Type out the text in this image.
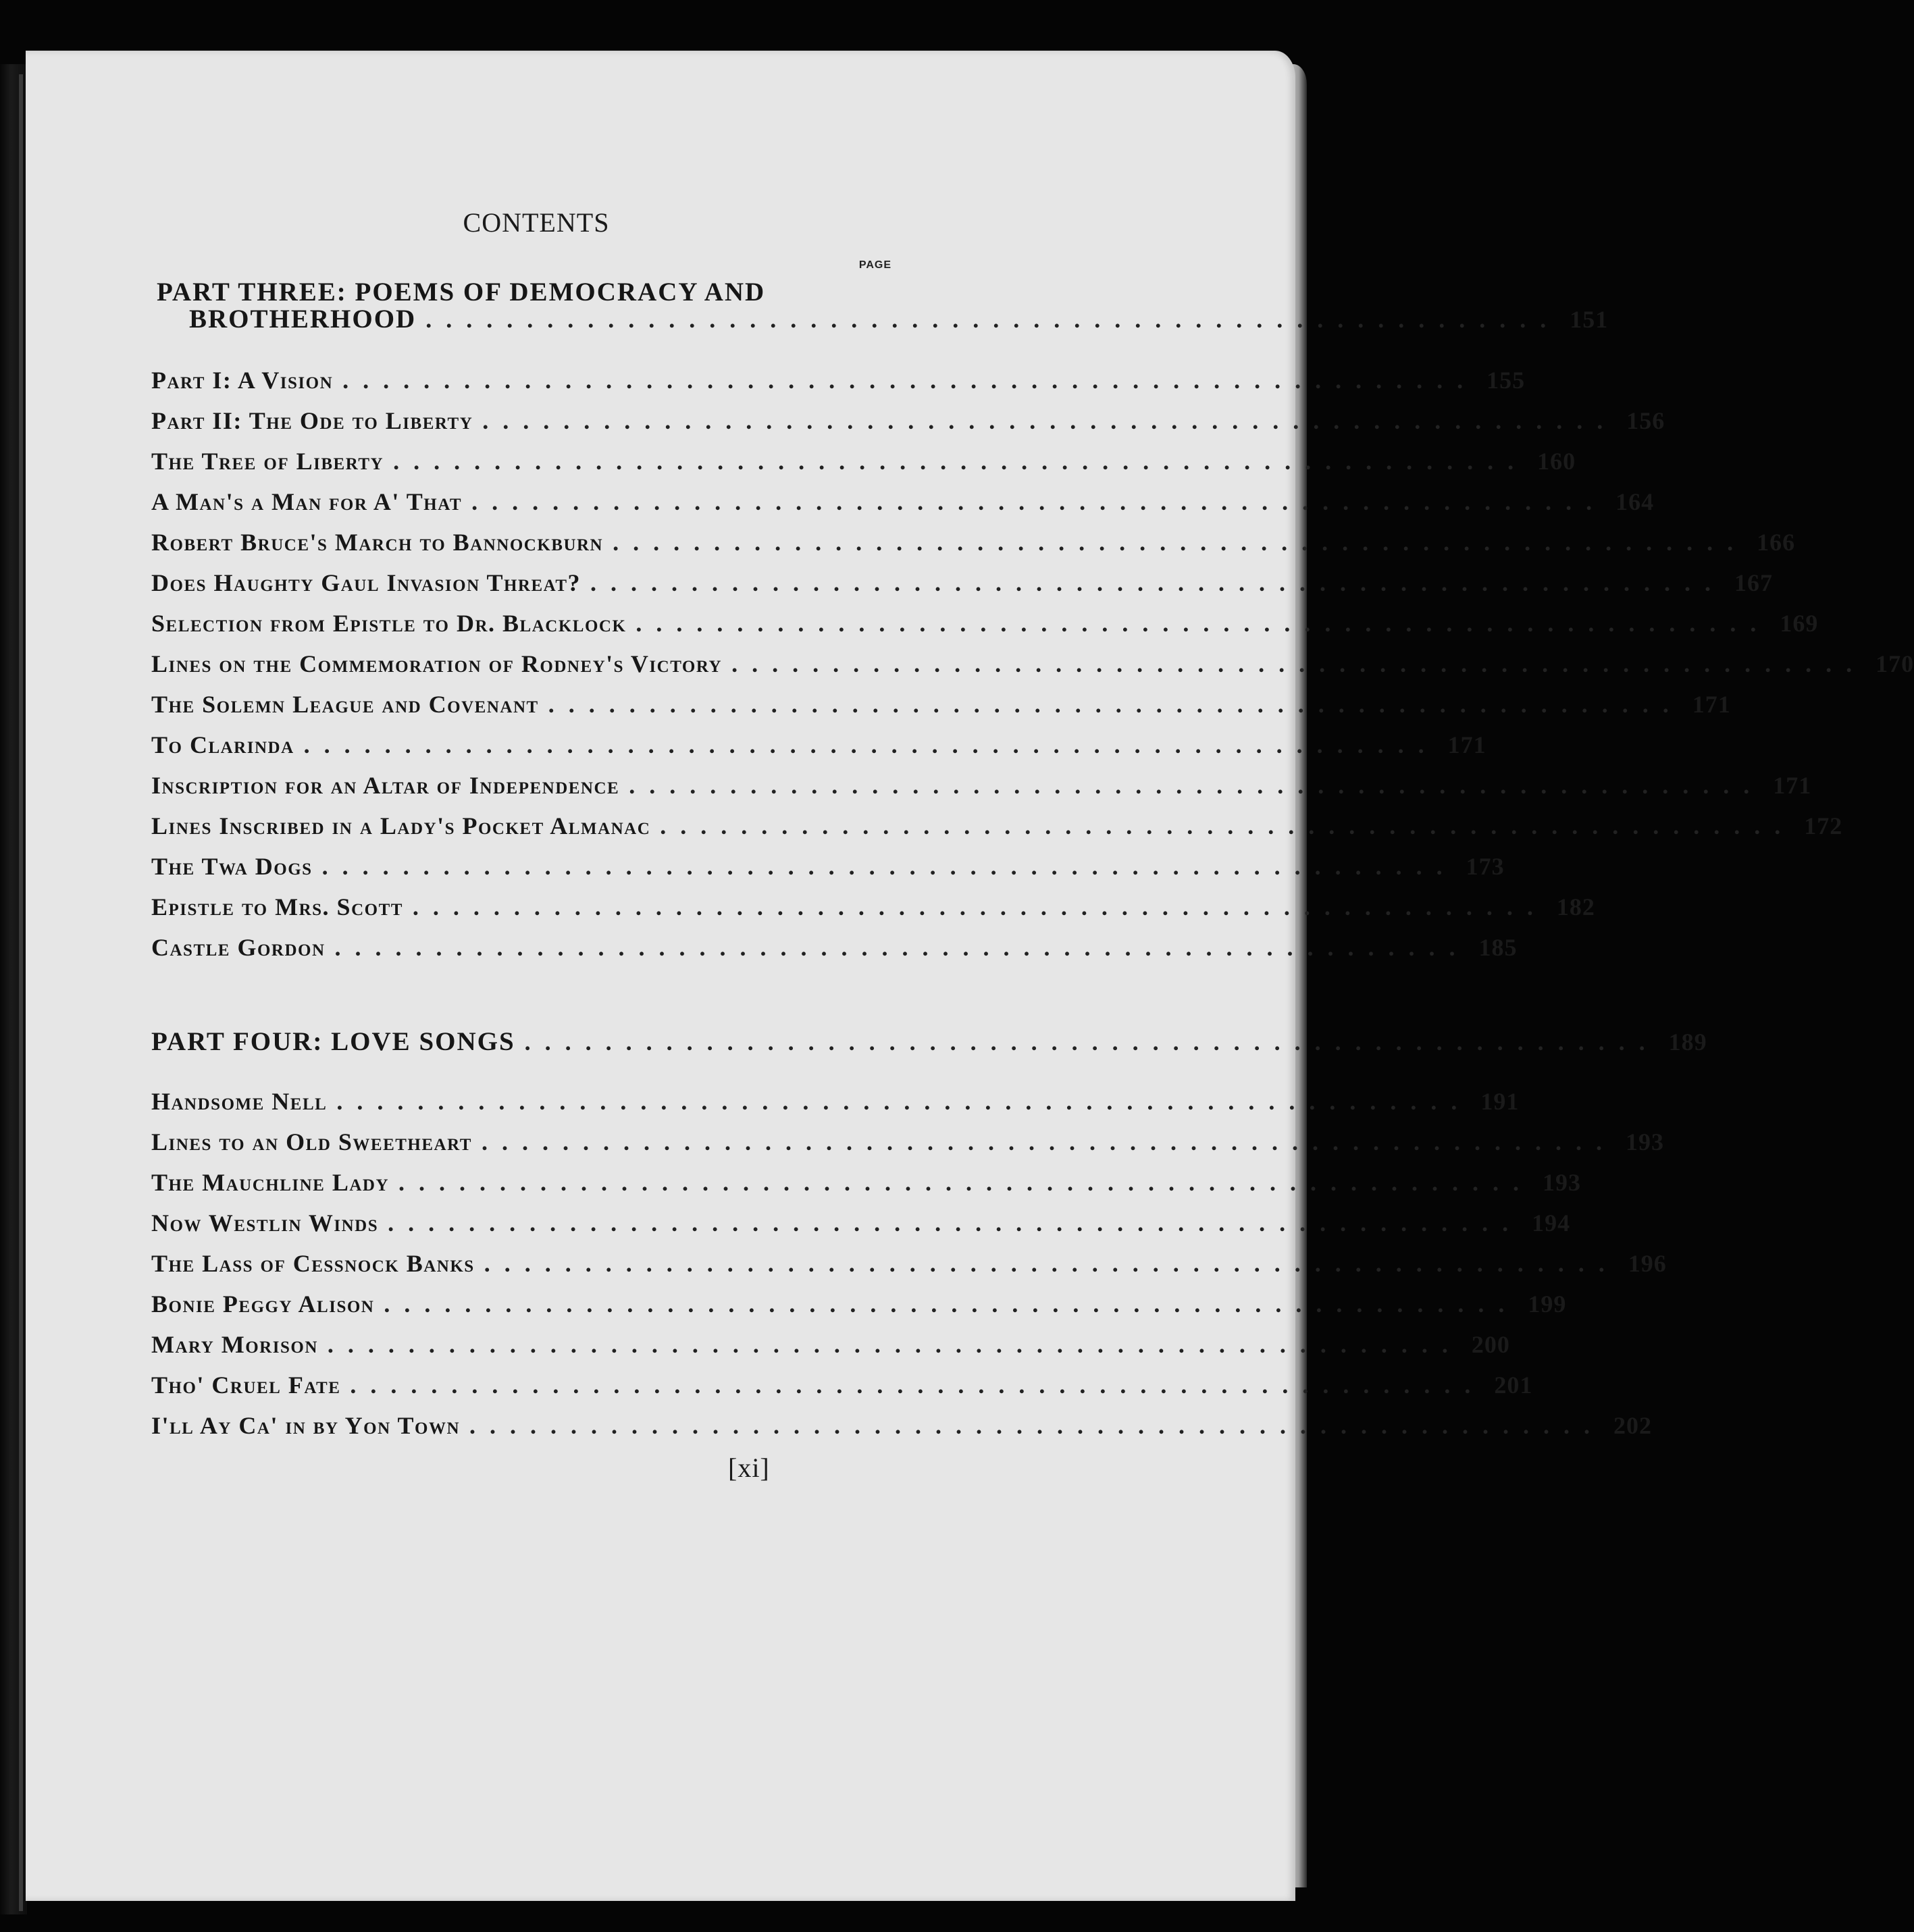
CONTENTS
PAGE
PART THREE: POEMS OF DEMOCRACY AND
BROTHERHOOD ........................................................ 151
Part I: A Vision ........................................................ 155
Part II: The Ode to Liberty ........................................................ 156
The Tree of Liberty ........................................................ 160
A Man's a Man for A' That ........................................................ 164
Robert Bruce's March to Bannockburn ........................................................ 166
Does Haughty Gaul Invasion Threat? ........................................................ 167
Selection from Epistle to Dr. Blacklock ........................................................ 169
Lines on the Commemoration of Rodney's Victory ........................................................ 170
The Solemn League and Covenant ........................................................ 171
To Clarinda ........................................................ 171
Inscription for an Altar of Independence ........................................................ 171
Lines Inscribed in a Lady's Pocket Almanac ........................................................ 172
The Twa Dogs ........................................................ 173
Epistle to Mrs. Scott ........................................................ 182
Castle Gordon ........................................................ 185
PART FOUR: LOVE SONGS ........................................................ 189
Handsome Nell ........................................................ 191
Lines to an Old Sweetheart ........................................................ 193
The Mauchline Lady ........................................................ 193
Now Westlin Winds ........................................................ 194
The Lass of Cessnock Banks ........................................................ 196
Bonie Peggy Alison ........................................................ 199
Mary Morison ........................................................ 200
Tho' Cruel Fate ........................................................ 201
I'll Ay Ca' in by Yon Town ........................................................ 202
[xi]
